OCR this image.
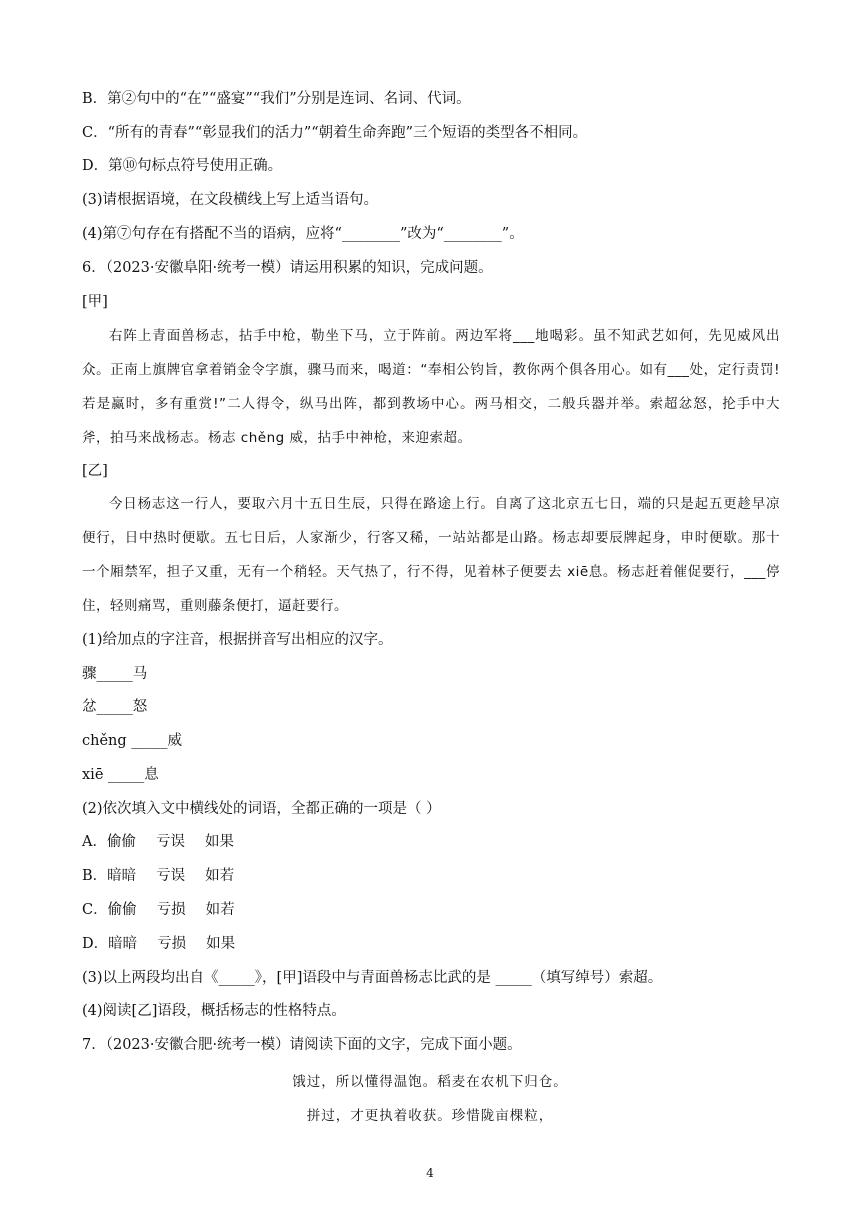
B．第②句中的“在”“盛宴”“我们”分别是连词、名词、代词。
C．“所有的青春”“彰显我们的活力”“朝着生命奔跑”三个短语的类型各不相同。
D．第⑩句标点符号使用正确。
(3)请根据语境，在文段横线上写上适当语句。
(4)第⑦句存在有搭配不当的语病，应将“________”改为“________”。
6．（2023·安徽阜阳·统考一模）请运用积累的知识，完成问题。
[甲]

右阵上青面兽杨志，拈手中枪，勒坐下马，立于阵前。两边军将___地喝彩。虽不知武艺如何，先见威风出众。正南上旗牌官拿着销金令字旗，骤马而来，喝道：“奉相公钧旨，教你两个俱各用心。如有___处，定行责罚!若是赢时，多有重赏!”二人得令，纵马出阵，都到教场中心。两马相交，二般兵器并举。索超忿怒，抡手中大斧，拍马来战杨志。杨志 chěng 威，拈手中神枪，来迎索超。

[乙]

今日杨志这一行人，要取六月十五日生辰，只得在路途上行。自离了这北京五七日，端的只是起五更趁早凉便行，日中热时便歇。五七日后，人家渐少，行客又稀，一站站都是山路。杨志却要辰牌起身，申时便歇。那十一个厢禁军，担子又重，无有一个稍轻。天气热了，行不得，见着林子便要去 xiē息。杨志赶着催促要行，___停住，轻则痛骂，重则藤条便打，逼赶要行。

(1)给加点的字注音，根据拼音写出相应的汉字。
骤_____马
忿_____怒
chěng _____威
xiē _____息
(2)依次填入文中横线处的词语，全都正确的一项是（ ）
A．偷偷 亏误 如果
B．暗暗 亏误 如若
C．偷偷 亏损 如若
D．暗暗 亏损 如果
(3)以上两段均出自《_____》，[甲]语段中与青面兽杨志比武的是 _____（填写绰号）索超。
(4)阅读[乙]语段，概括杨志的性格特点。
7．（2023·安徽合肥·统考一模）请阅读下面的文字，完成下面小题。
饿过，所以懂得温饱。稻麦在农机下归仓。
拼过，才更执着收获。珍惜陇亩棵粒，
4
